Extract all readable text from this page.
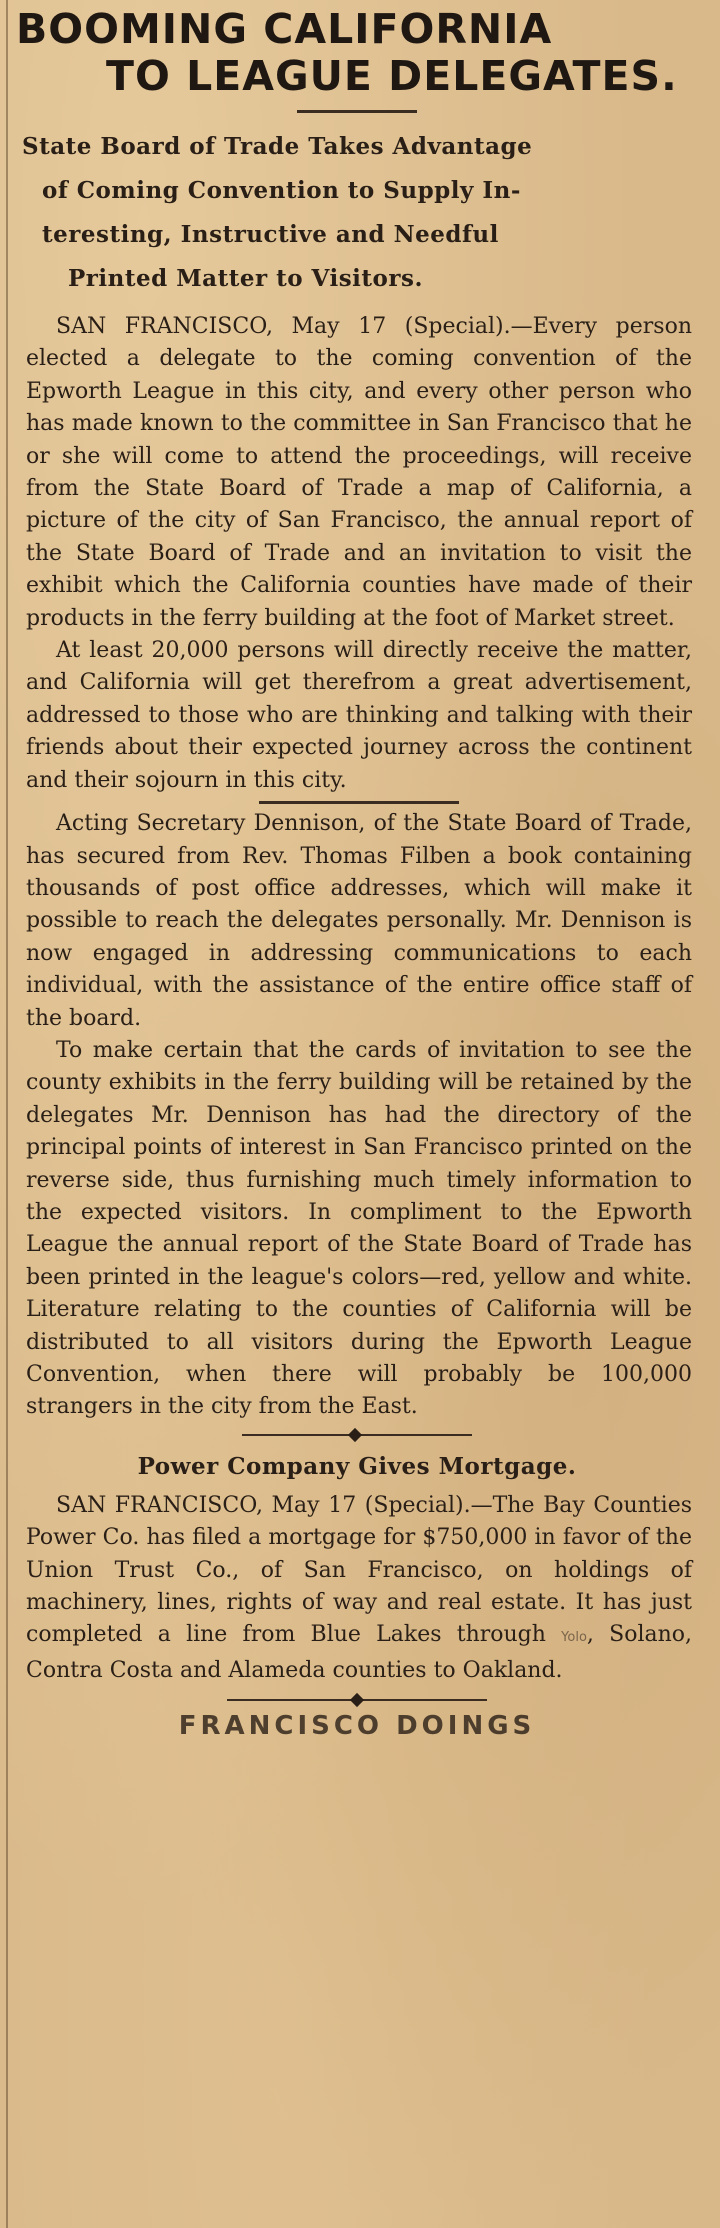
BOOMING CALIFORNIA
TO LEAGUE DELEGATES.
State Board of Trade Takes Advantage
of Coming Convention to Supply In-
teresting, Instructive and Needful
Printed Matter to Visitors.

SAN FRANCISCO, May 17 (Special).—Every person elected a delegate to the coming convention of the Epworth League in this city, and every other person who has made known to the committee in San Francisco that he or she will come to attend the proceedings, will receive from the State Board of Trade a map of California, a picture of the city of San Francisco, the annual report of the State Board of Trade and an invitation to visit the exhibit which the California counties have made of their products in the ferry building at the foot of Market street.

At least 20,000 persons will directly receive the matter, and California will get therefrom a great advertisement, addressed to those who are thinking and talking with their friends about their expected journey across the continent and their sojourn in this city.

Acting Secretary Dennison, of the State Board of Trade, has secured from Rev. Thomas Filben a book containing thousands of post office addresses, which will make it possible to reach the delegates personally. Mr. Dennison is now engaged in addressing communications to each individual, with the assistance of the entire office staff of the board.

To make certain that the cards of invitation to see the county exhibits in the ferry building will be retained by the delegates Mr. Dennison has had the directory of the principal points of interest in San Francisco printed on the reverse side, thus furnishing much timely information to the expected visitors. In compliment to the Epworth League the annual report of the State Board of Trade has been printed in the league's colors—red, yellow and white. Literature relating to the counties of California will be distributed to all visitors during the Epworth League Convention, when there will probably be 100,000 strangers in the city from the East.

Power Company Gives Mortgage.

SAN FRANCISCO, May 17 (Special).—The Bay Counties Power Co. has filed a mortgage for $750,000 in favor of the Union Trust Co., of San Francisco, on holdings of machinery, lines, rights of way and real estate. It has just completed a line from Blue Lakes through Yolo, Solano, Contra Costa and Alameda counties to Oakland.

FRANCISCO DOINGS
